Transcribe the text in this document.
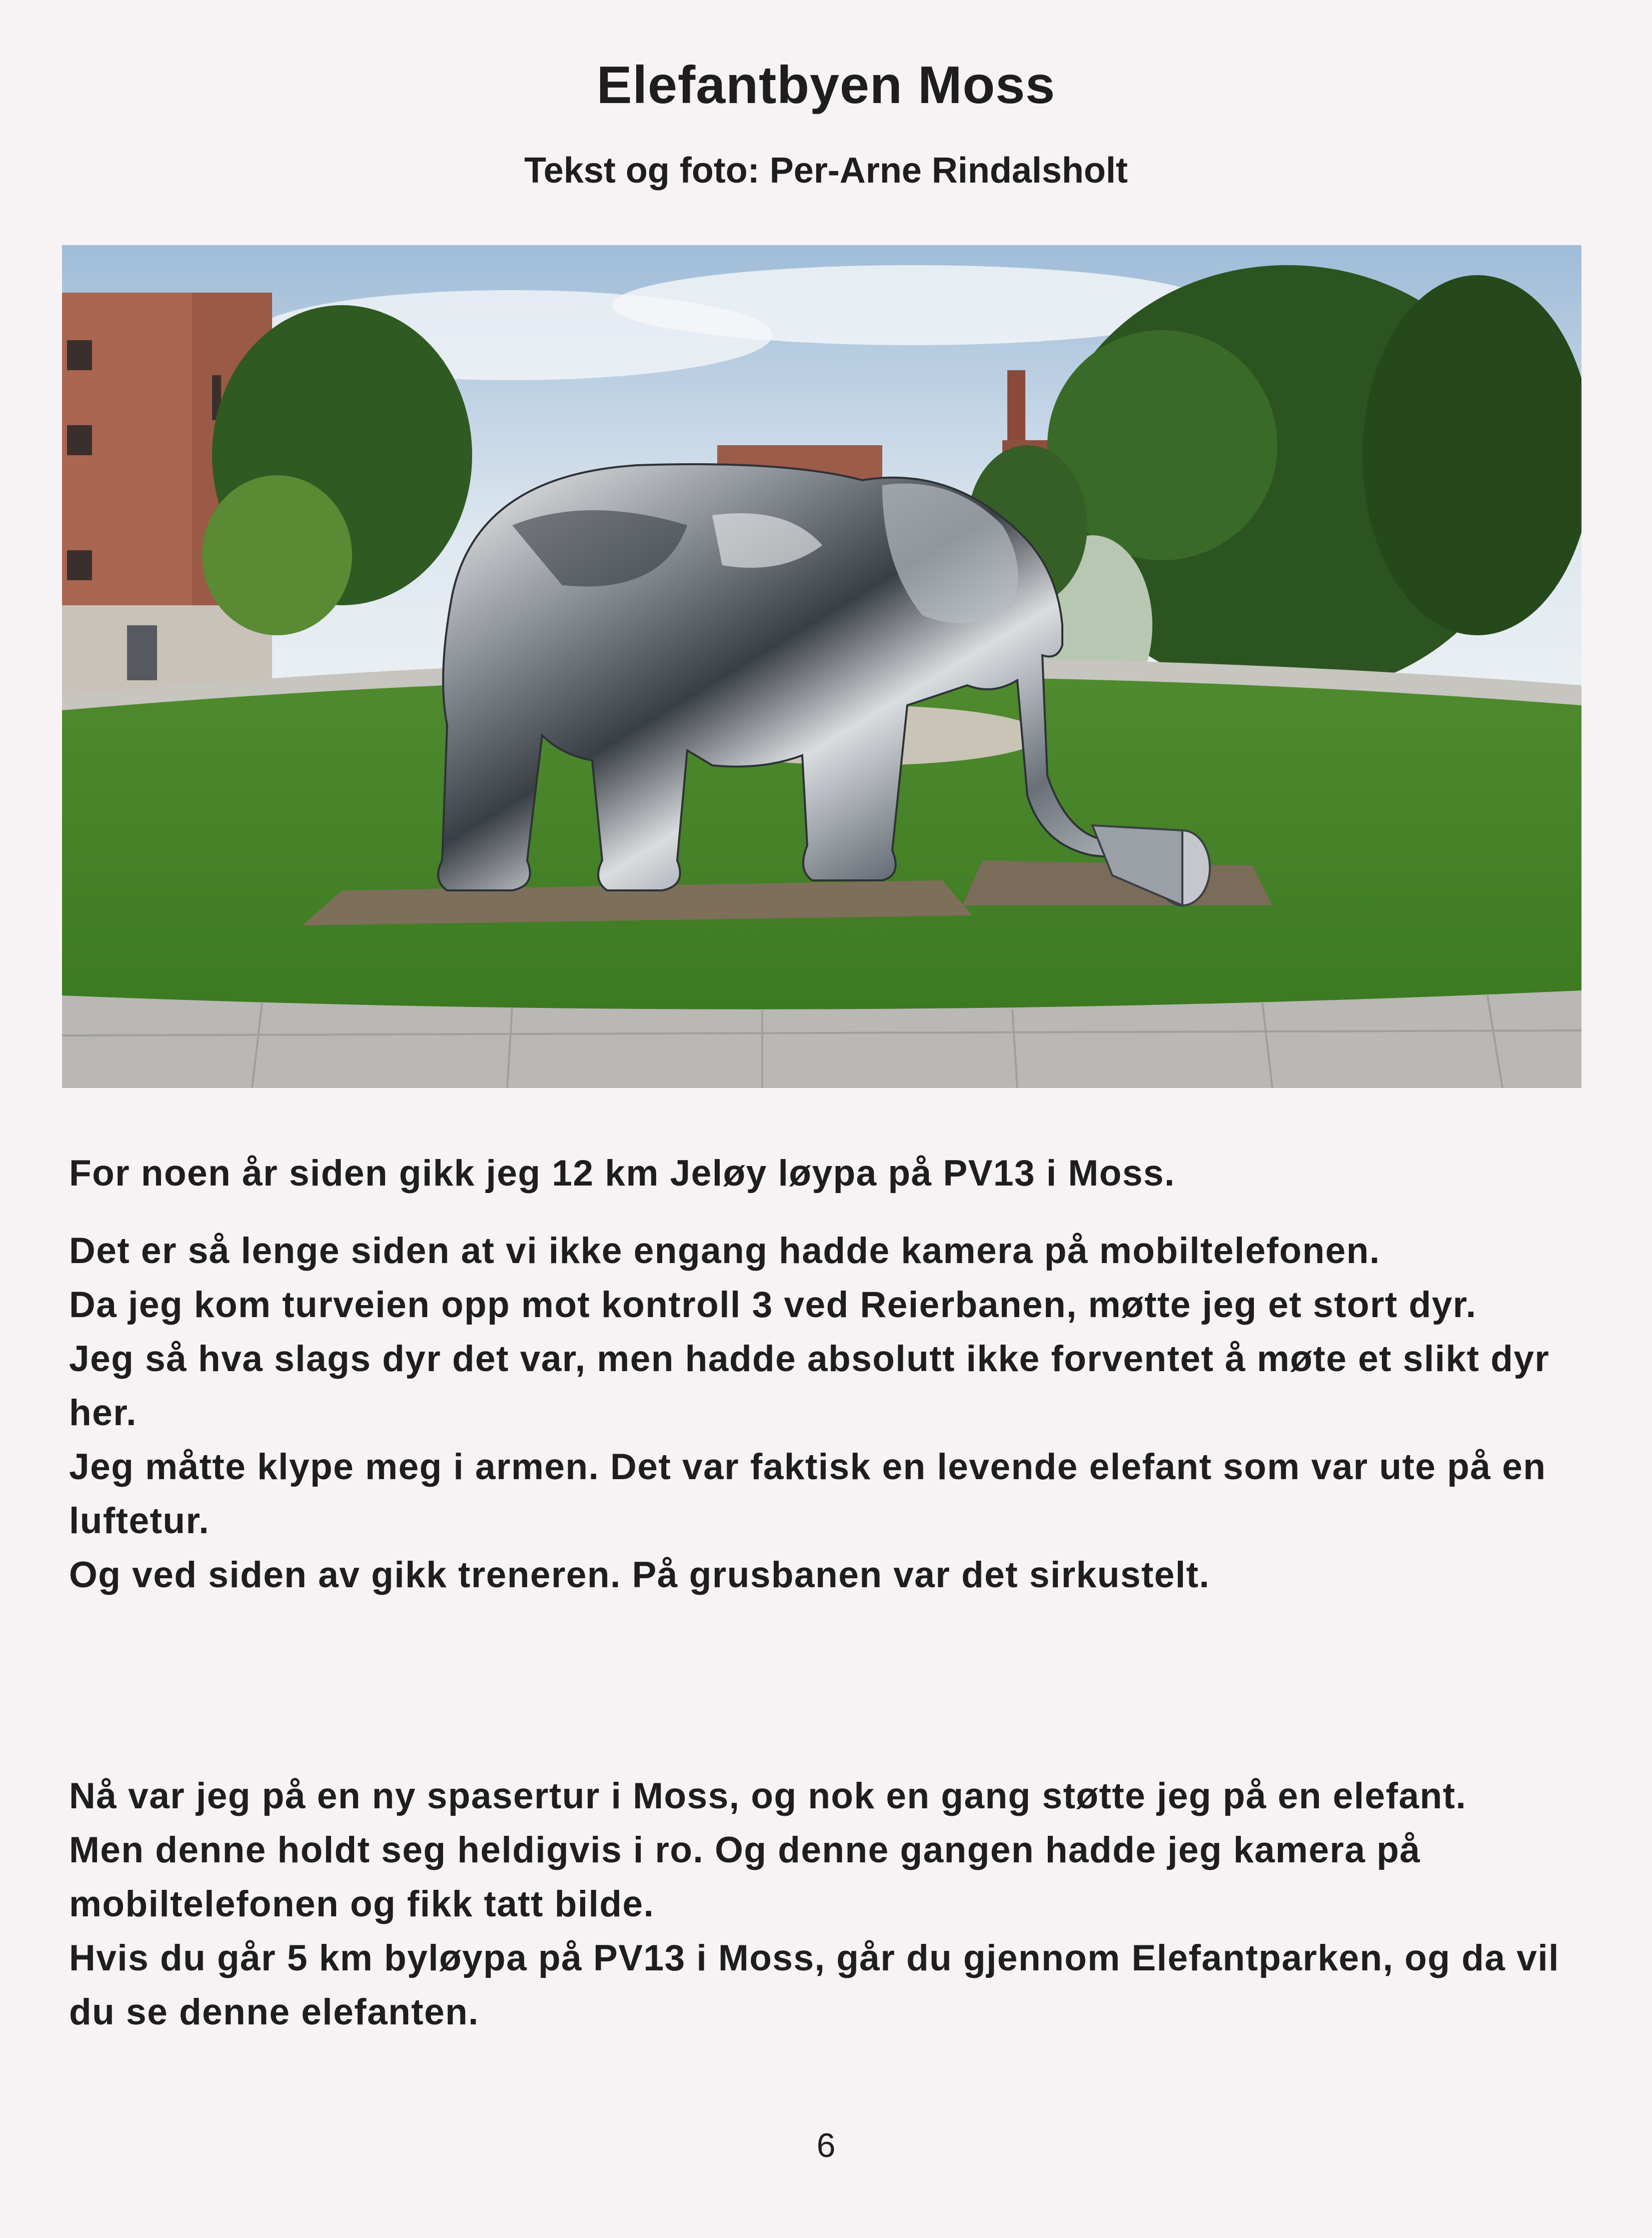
Elefantbyen Moss
Tekst og foto: Per-Arne Rindalsholt

For noen år siden gikk jeg 12 km Jeløy løypa på PV13 i Moss.

Det er så lenge siden at vi ikke engang hadde kamera på mobiltelefonen.

Da jeg kom turveien opp mot kontroll 3 ved Reierbanen, møtte jeg et stort dyr.

Jeg så hva slags dyr det var, men hadde absolutt ikke forventet å møte et slikt dyr her.

Jeg måtte klype meg i armen. Det var faktisk en levende elefant som var ute på en luftetur.

Og ved siden av gikk treneren. På grusbanen var det sirkustelt.

Nå var jeg på en ny spasertur i Moss, og nok en gang støtte jeg på en elefant.

Men denne holdt seg heldigvis i ro. Og denne gangen hadde jeg kamera på mobiltelefonen og fikk tatt bilde.

Hvis du går 5 km byløypa på PV13 i Moss, går du gjennom Elefantparken, og da vil du se denne elefanten.

6
